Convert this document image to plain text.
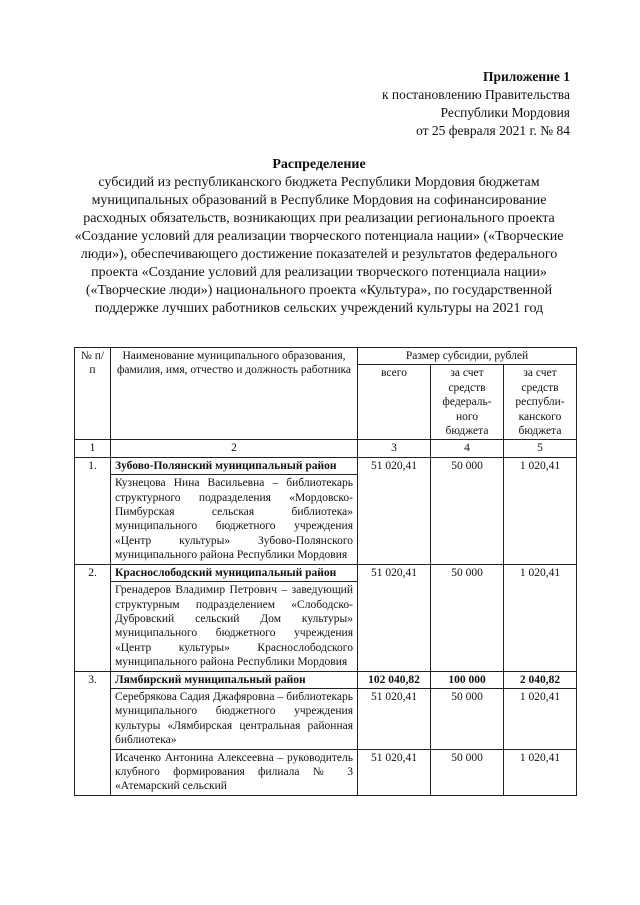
Приложение 1
к постановлению Правительства
Республики Мордовия
от 25 февраля 2021 г. № 84
Распределение
субсидий из республиканского бюджета Республики Мордовия бюджетам муниципальных образований в Республике Мордовия на софинансирование расходных обязательств, возникающих при реализации регионального проекта «Создание условий для реализации творческого потенциала нации» («Творческие люди»), обеспечивающего достижение показателей и результатов федерального проекта «Создание условий для реализации творческого потенциала нации» («Творческие люди») национального проекта «Культура», по государственной поддержке лучших работников сельских учреждений культуры на 2021 год
№ п/п	Наименование муниципального образования, фамилия, имя, отчество и должность работника	Размер субсидии, рублей		
		всего	за счет средств федераль-ного бюджета	за счет средств республи-канского бюджета
1	2	3	4	5
1.	Зубово-Полянский муниципальный район	51 020,41	50 000	1 020,41
	Кузнецова Нина Васильевна – библиотекарь структурного подразделения «Мордовско-Пимбурская сельская библиотека» муниципального бюджетного учреждения «Центр культуры» Зубово-Полянского муниципального района Республики Мордовия			
2.	Краснослободский муниципальный район	51 020,41	50 000	1 020,41
	Гренадеров Владимир Петрович – заведующий структурным подразделением «Слободско-Дубровский сельский Дом культуры» муниципального бюджетного учреждения «Центр культуры» Краснослободского муниципального района Республики Мордовия			
3.	Лямбирский муниципальный район	102 040,82	100 000	2 040,82
	Серебрякова Садия Джафяровна – библиотекарь муниципального бюджетного учреждения культуры «Лямбирская центральная районная библиотека»	51 020,41	50 000	1 020,41
	Исаченко Антонина Алексеевна – руководитель клубного формирования филиала № 3 «Атемарский сельский	51 020,41	50 000	1 020,41
